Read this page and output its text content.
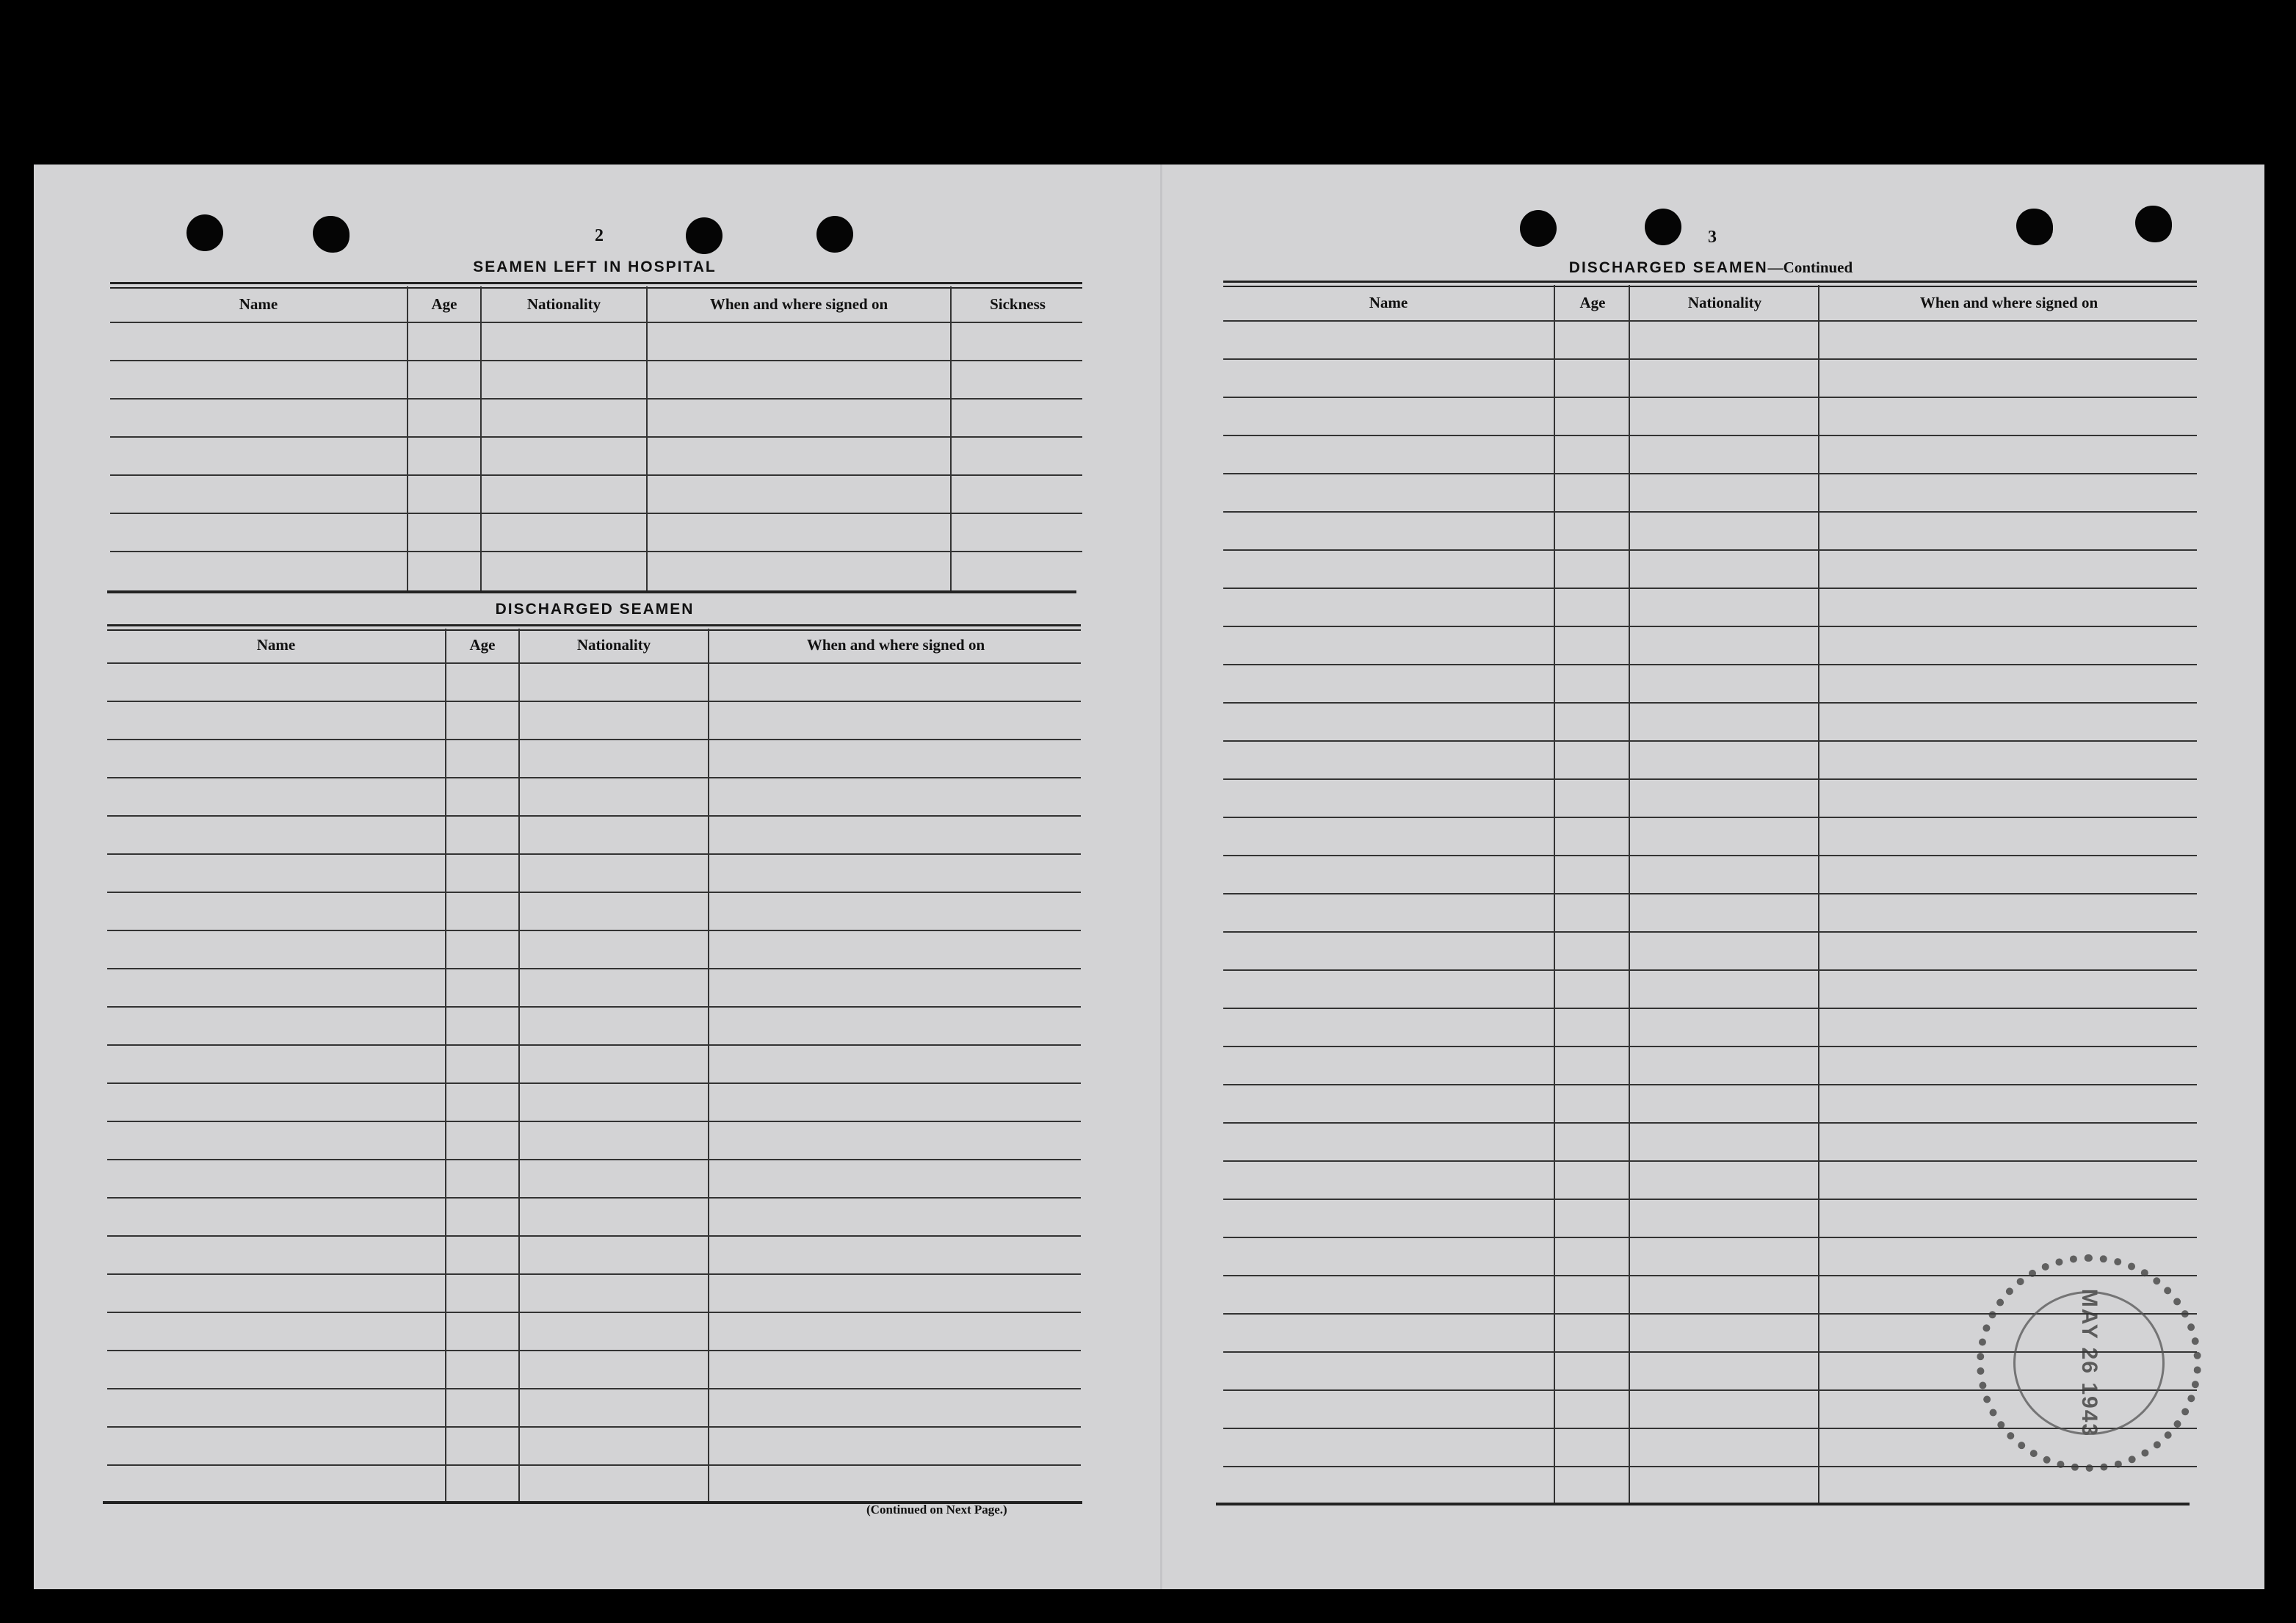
2
SEAMEN LEFT IN HOSPITAL
Name	Age	Nationality	When and where signed on	Sickness
DISCHARGED SEAMEN
Name	Age	Nationality	When and where signed on
(Continued on Next Page.)
3
DISCHARGED SEAMEN—Continued
Name	Age	Nationality	When and where signed on
MAY 26 1943
